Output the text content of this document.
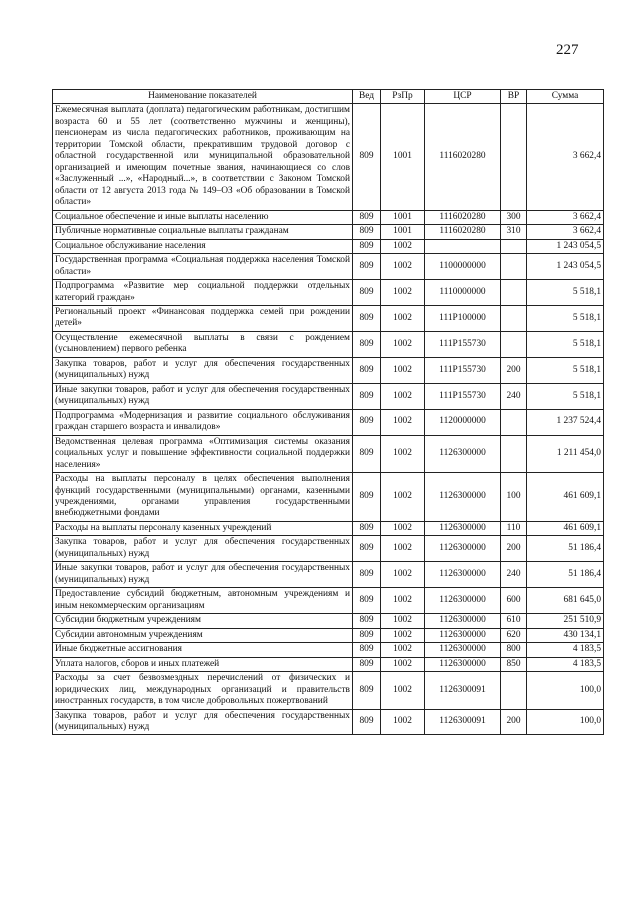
227
Наименование показателей	Вед	РзПр	ЦСР	ВР	Сумма
Ежемесячная выплата (доплата) педагогическим работникам, достигшим возраста 60 и 55 лет (соответственно мужчины и женщины), пенсионерам из числа педагогических работников, проживающим на территории Томской области, прекратившим трудовой договор с областной государственной или муниципальной образовательной организацией и имеющим почетные звания, начинающиеся со слов «Заслуженный ...», «Народный...», в соответствии с Законом Томской области от 12 августа 2013 года № 149–ОЗ «Об образовании в Томской области»	809	1001	1116020280		3 662,4
Социальное обеспечение и иные выплаты населению	809	1001	1116020280	300	3 662,4
Публичные нормативные социальные выплаты гражданам	809	1001	1116020280	310	3 662,4
Социальное обслуживание населения	809	1002			1 243 054,5
Государственная программа «Социальная поддержка населения Томской области»	809	1002	1100000000		1 243 054,5
Подпрограмма «Развитие мер социальной поддержки отдельных категорий граждан»	809	1002	1110000000		5 518,1
Региональный проект «Финансовая поддержка семей при рождении детей»	809	1002	111P100000		5 518,1
Осуществление ежемесячной выплаты в связи с рождением (усыновлением) первого ребенка	809	1002	111P155730		5 518,1
Закупка товаров, работ и услуг для обеспечения государственных (муниципальных) нужд	809	1002	111P155730	200	5 518,1
Иные закупки товаров, работ и услуг для обеспечения государственных (муниципальных) нужд	809	1002	111P155730	240	5 518,1
Подпрограмма «Модернизация и развитие социального обслуживания граждан старшего возраста и инвалидов»	809	1002	1120000000		1 237 524,4
Ведомственная целевая программа «Оптимизация системы оказания социальных услуг и повышение эффективности социальной поддержки населения»	809	1002	1126300000		1 211 454,0
Расходы на выплаты персоналу в целях обеспечения выполнения функций государственными (муниципальными) органами, казенными учреждениями, органами управления государственными внебюджетными фондами	809	1002	1126300000	100	461 609,1
Расходы на выплаты персоналу казенных учреждений	809	1002	1126300000	110	461 609,1
Закупка товаров, работ и услуг для обеспечения государственных (муниципальных) нужд	809	1002	1126300000	200	51 186,4
Иные закупки товаров, работ и услуг для обеспечения государственных (муниципальных) нужд	809	1002	1126300000	240	51 186,4
Предоставление субсидий бюджетным, автономным учреждениям и иным некоммерческим организациям	809	1002	1126300000	600	681 645,0
Субсидии бюджетным учреждениям	809	1002	1126300000	610	251 510,9
Субсидии автономным учреждениям	809	1002	1126300000	620	430 134,1
Иные бюджетные ассигнования	809	1002	1126300000	800	4 183,5
Уплата налогов, сборов и иных платежей	809	1002	1126300000	850	4 183,5
Расходы за счет безвозмездных перечислений от физических и юридических лиц, международных организаций и правительств иностранных государств, в том числе добровольных пожертвований	809	1002	1126300091		100,0
Закупка товаров, работ и услуг для обеспечения государственных (муниципальных) нужд	809	1002	1126300091	200	100,0
